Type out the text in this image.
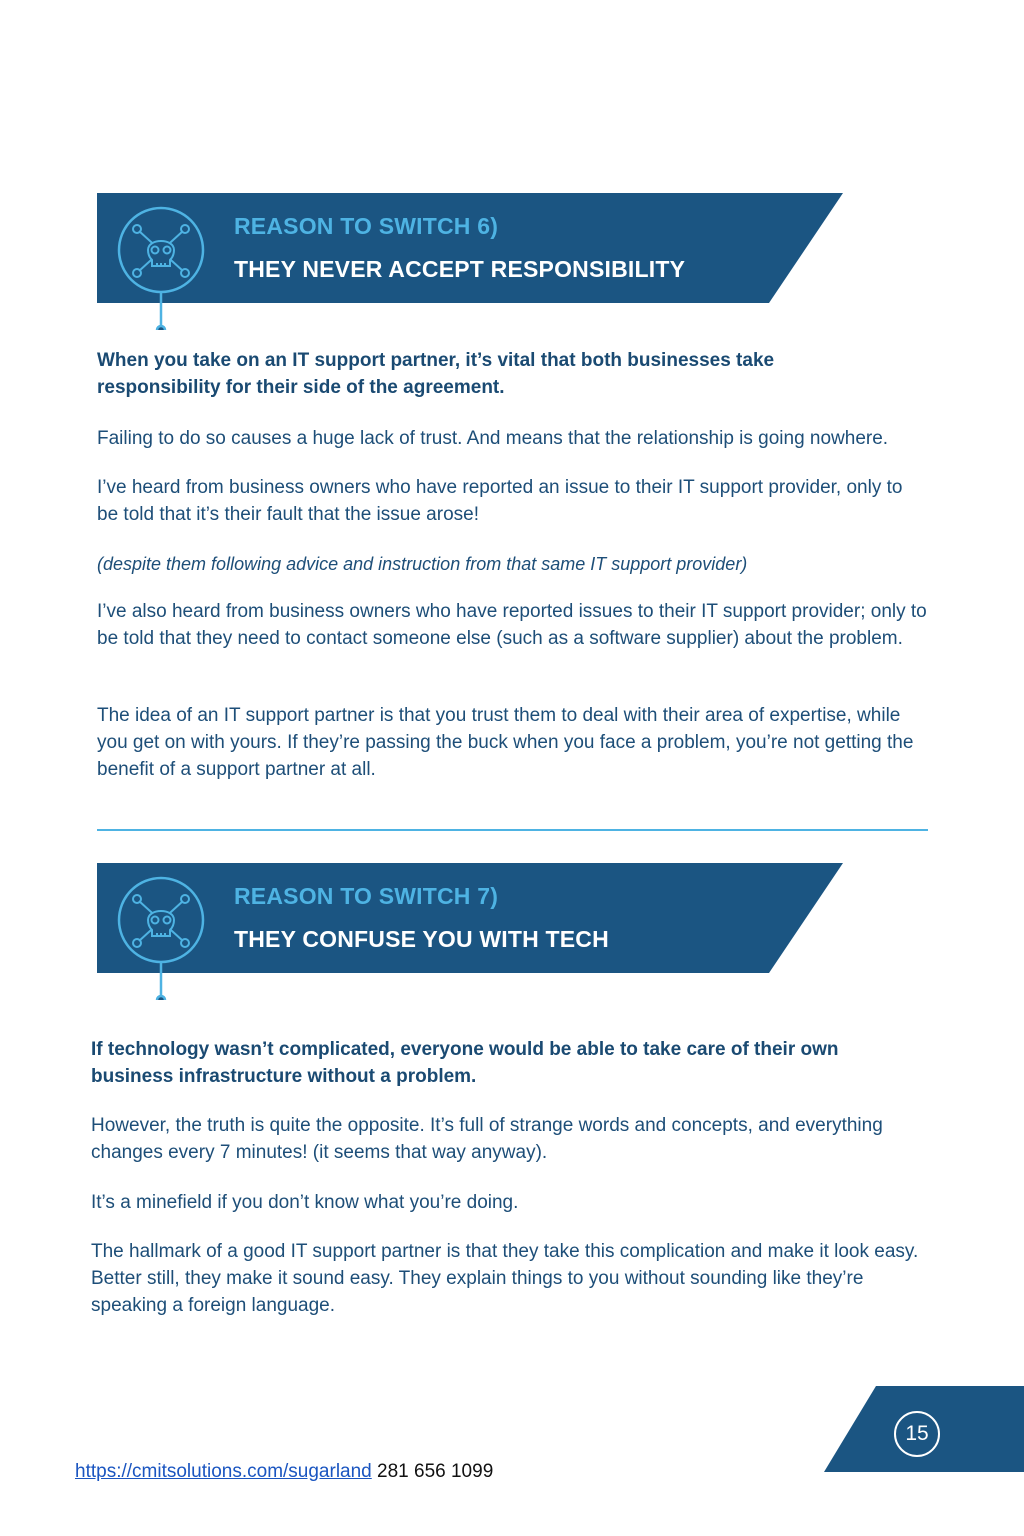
REASON TO SWITCH 6)
THEY NEVER ACCEPT RESPONSIBILITY

When you take on an IT support partner, it’s vital that both businesses take responsibility for their side of the agreement.

Failing to do so causes a huge lack of trust. And means that the relationship is going nowhere.

I’ve heard from business owners who have reported an issue to their IT support provider, only to be told that it’s their fault that the issue arose!

(despite them following advice and instruction from that same IT support provider)

I’ve also heard from business owners who have reported issues to their IT support provider; only to be told that they need to contact someone else (such as a software supplier) about the problem.

The idea of an IT support partner is that you trust them to deal with their area of expertise, while you get on with yours. If they’re passing the buck when you face a problem, you’re not getting the benefit of a support partner at all.

REASON TO SWITCH 7)
THEY CONFUSE YOU WITH TECH

If technology wasn’t complicated, everyone would be able to take care of their own business infrastructure without a problem.

However, the truth is quite the opposite. It’s full of strange words and concepts, and everything changes every 7 minutes! (it seems that way anyway).

It’s a minefield if you don’t know what you’re doing.

The hallmark of a good IT support partner is that they take this complication and make it look easy. Better still, they make it sound easy. They explain things to you without sounding like they’re speaking a foreign language.

15
https://cmitsolutions.com/sugarland 281 656 1099
